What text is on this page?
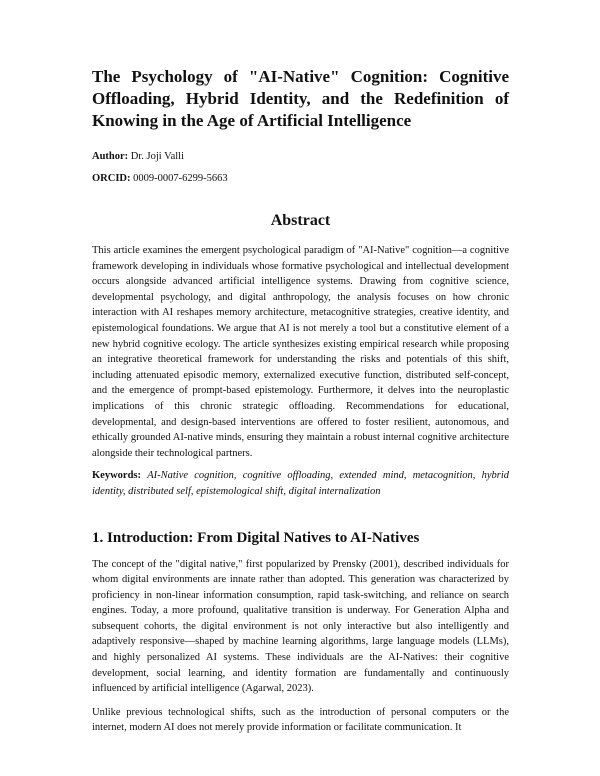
The Psychology of "AI-Native" Cognition: Cognitive Offloading, Hybrid Identity, and the Redefinition of Knowing in the Age of Artificial Intelligence

Author: Dr. Joji Valli

ORCID: 0009-0007-6299-5663

Abstract

This article examines the emergent psychological paradigm of "AI-Native" cognition—a cognitive framework developing in individuals whose formative psychological and intellectual development occurs alongside advanced artificial intelligence systems. Drawing from cognitive science, developmental psychology, and digital anthropology, the analysis focuses on how chronic interaction with AI reshapes memory architecture, metacognitive strategies, creative identity, and epistemological foundations. We argue that AI is not merely a tool but a constitutive element of a new hybrid cognitive ecology. The article synthesizes existing empirical research while proposing an integrative theoretical framework for understanding the risks and potentials of this shift, including attenuated episodic memory, externalized executive function, distributed self-concept, and the emergence of prompt-based epistemology. Furthermore, it delves into the neuroplastic implications of this chronic strategic offloading. Recommendations for educational, developmental, and design-based interventions are offered to foster resilient, autonomous, and ethically grounded AI-native minds, ensuring they maintain a robust internal cognitive architecture alongside their technological partners.

Keywords: AI-Native cognition, cognitive offloading, extended mind, metacognition, hybrid identity, distributed self, epistemological shift, digital internalization

1. Introduction: From Digital Natives to AI-Natives

The concept of the "digital native," first popularized by Prensky (2001), described individuals for whom digital environments are innate rather than adopted. This generation was characterized by proficiency in non-linear information consumption, rapid task-switching, and reliance on search engines. Today, a more profound, qualitative transition is underway. For Generation Alpha and subsequent cohorts, the digital environment is not only interactive but also intelligently and adaptively responsive—shaped by machine learning algorithms, large language models (LLMs), and highly personalized AI systems. These individuals are the AI-Natives: their cognitive development, social learning, and identity formation are fundamentally and continuously influenced by artificial intelligence (Agarwal, 2023).

Unlike previous technological shifts, such as the introduction of personal computers or the internet, modern AI does not merely provide information or facilitate communication. It
